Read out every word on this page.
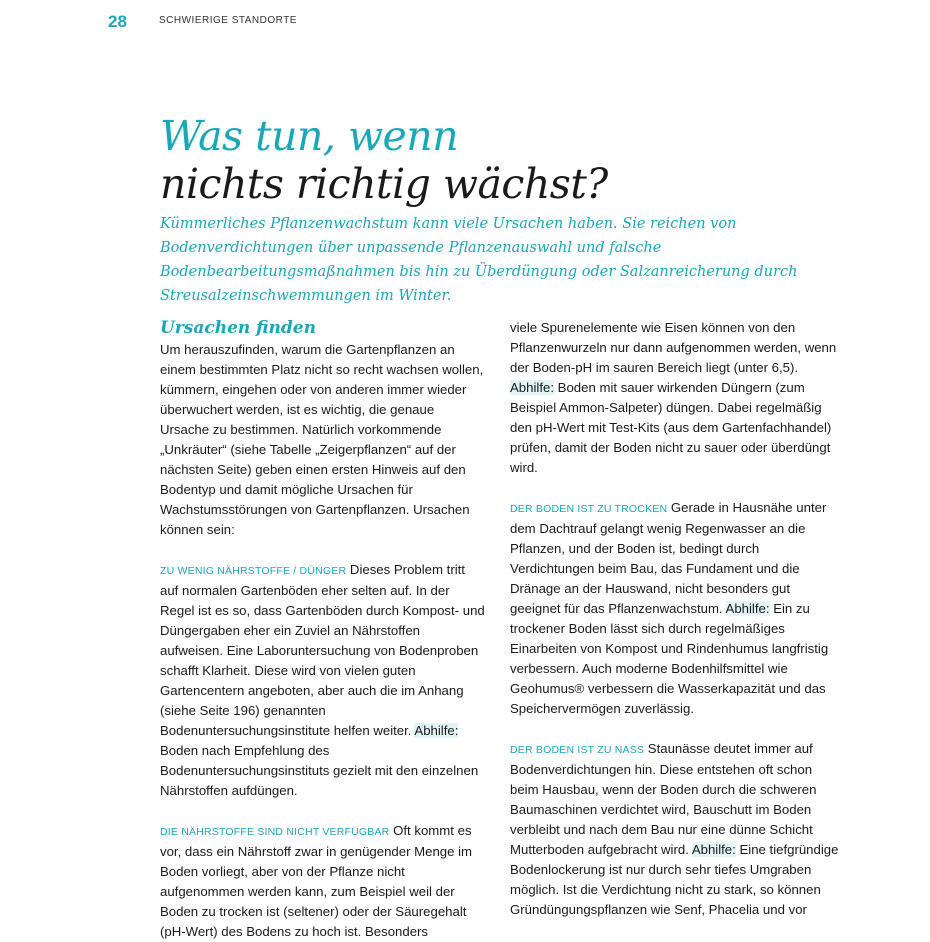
28	SCHWIERIGE STANDORTE
Was tun, wenn
nichts richtig wächst?

Kümmerliches Pflanzenwachstum kann viele Ursachen haben. Sie reichen von Bodenverdichtungen über unpassende Pflanzenauswahl und falsche Bodenbearbeitungsmaßnahmen bis hin zu Überdüngung oder Salzanreicherung durch Streusalzeinschwemmungen im Winter.

Ursachen finden

Um herauszufinden, warum die Gartenpflanzen an einem bestimmten Platz nicht so recht wachsen wollen, kümmern, eingehen oder von anderen immer wieder überwuchert werden, ist es wichtig, die genaue Ursache zu bestimmen. Natürlich vorkommende „Unkräuter“ (siehe Tabelle „Zeigerpflanzen“ auf der nächsten Seite) geben einen ersten Hinweis auf den Bodentyp und damit mögliche Ursachen für Wachstumsstörungen von Gartenpflanzen. Ursachen können sein:

ZU WENIG NÄHRSTOFFE / DÜNGER Dieses Problem tritt auf normalen Gartenböden eher selten auf. In der Regel ist es so, dass Gartenböden durch Kompost- und Düngergaben eher ein Zuviel an Nährstoffen aufweisen. Eine Laboruntersuchung von Bodenproben schafft Klarheit. Diese wird von vielen guten Gartencentern angeboten, aber auch die im Anhang (siehe Seite 196) genannten Bodenuntersuchungsinstitute helfen weiter. Abhilfe: Boden nach Empfehlung des Bodenuntersuchungsinstituts gezielt mit den einzelnen Nährstoffen aufdüngen.

DIE NÄHRSTOFFE SIND NICHT VERFÜGBAR Oft kommt es vor, dass ein Nährstoff zwar in genügender Menge im Boden vorliegt, aber von der Pflanze nicht aufgenommen werden kann, zum Beispiel weil der Boden zu trocken ist (seltener) oder der Säuregehalt (pH-Wert) des Bodens zu hoch ist. Besonders

viele Spurenelemente wie Eisen können von den Pflanzenwurzeln nur dann aufgenommen werden, wenn der Boden-pH im sauren Bereich liegt (unter 6,5). Abhilfe: Boden mit sauer wirkenden Düngern (zum Beispiel Ammon-Salpeter) düngen. Dabei regelmäßig den pH-Wert mit Test-Kits (aus dem Gartenfachhandel) prüfen, damit der Boden nicht zu sauer oder überdüngt wird.

DER BODEN IST ZU TROCKEN Gerade in Hausnähe unter dem Dachtrauf gelangt wenig Regenwasser an die Pflanzen, und der Boden ist, bedingt durch Verdichtungen beim Bau, das Fundament und die Dränage an der Hauswand, nicht besonders gut geeignet für das Pflanzenwachstum. Abhilfe: Ein zu trockener Boden lässt sich durch regelmäßiges Einarbeiten von Kompost und Rindenhumus langfristig verbessern. Auch moderne Bodenhilfsmittel wie Geohumus® verbessern die Wasserkapazität und das Speichervermögen zuverlässig.

DER BODEN IST ZU NASS Staunässe deutet immer auf Bodenverdichtungen hin. Diese entstehen oft schon beim Hausbau, wenn der Boden durch die schweren Baumaschinen verdichtet wird, Bauschutt im Boden verbleibt und nach dem Bau nur eine dünne Schicht Mutterboden aufgebracht wird. Abhilfe: Eine tiefgründige Bodenlockerung ist nur durch sehr tiefes Umgraben möglich. Ist die Verdichtung nicht zu stark, so können Gründüngungspflanzen wie Senf, Phacelia und vor
